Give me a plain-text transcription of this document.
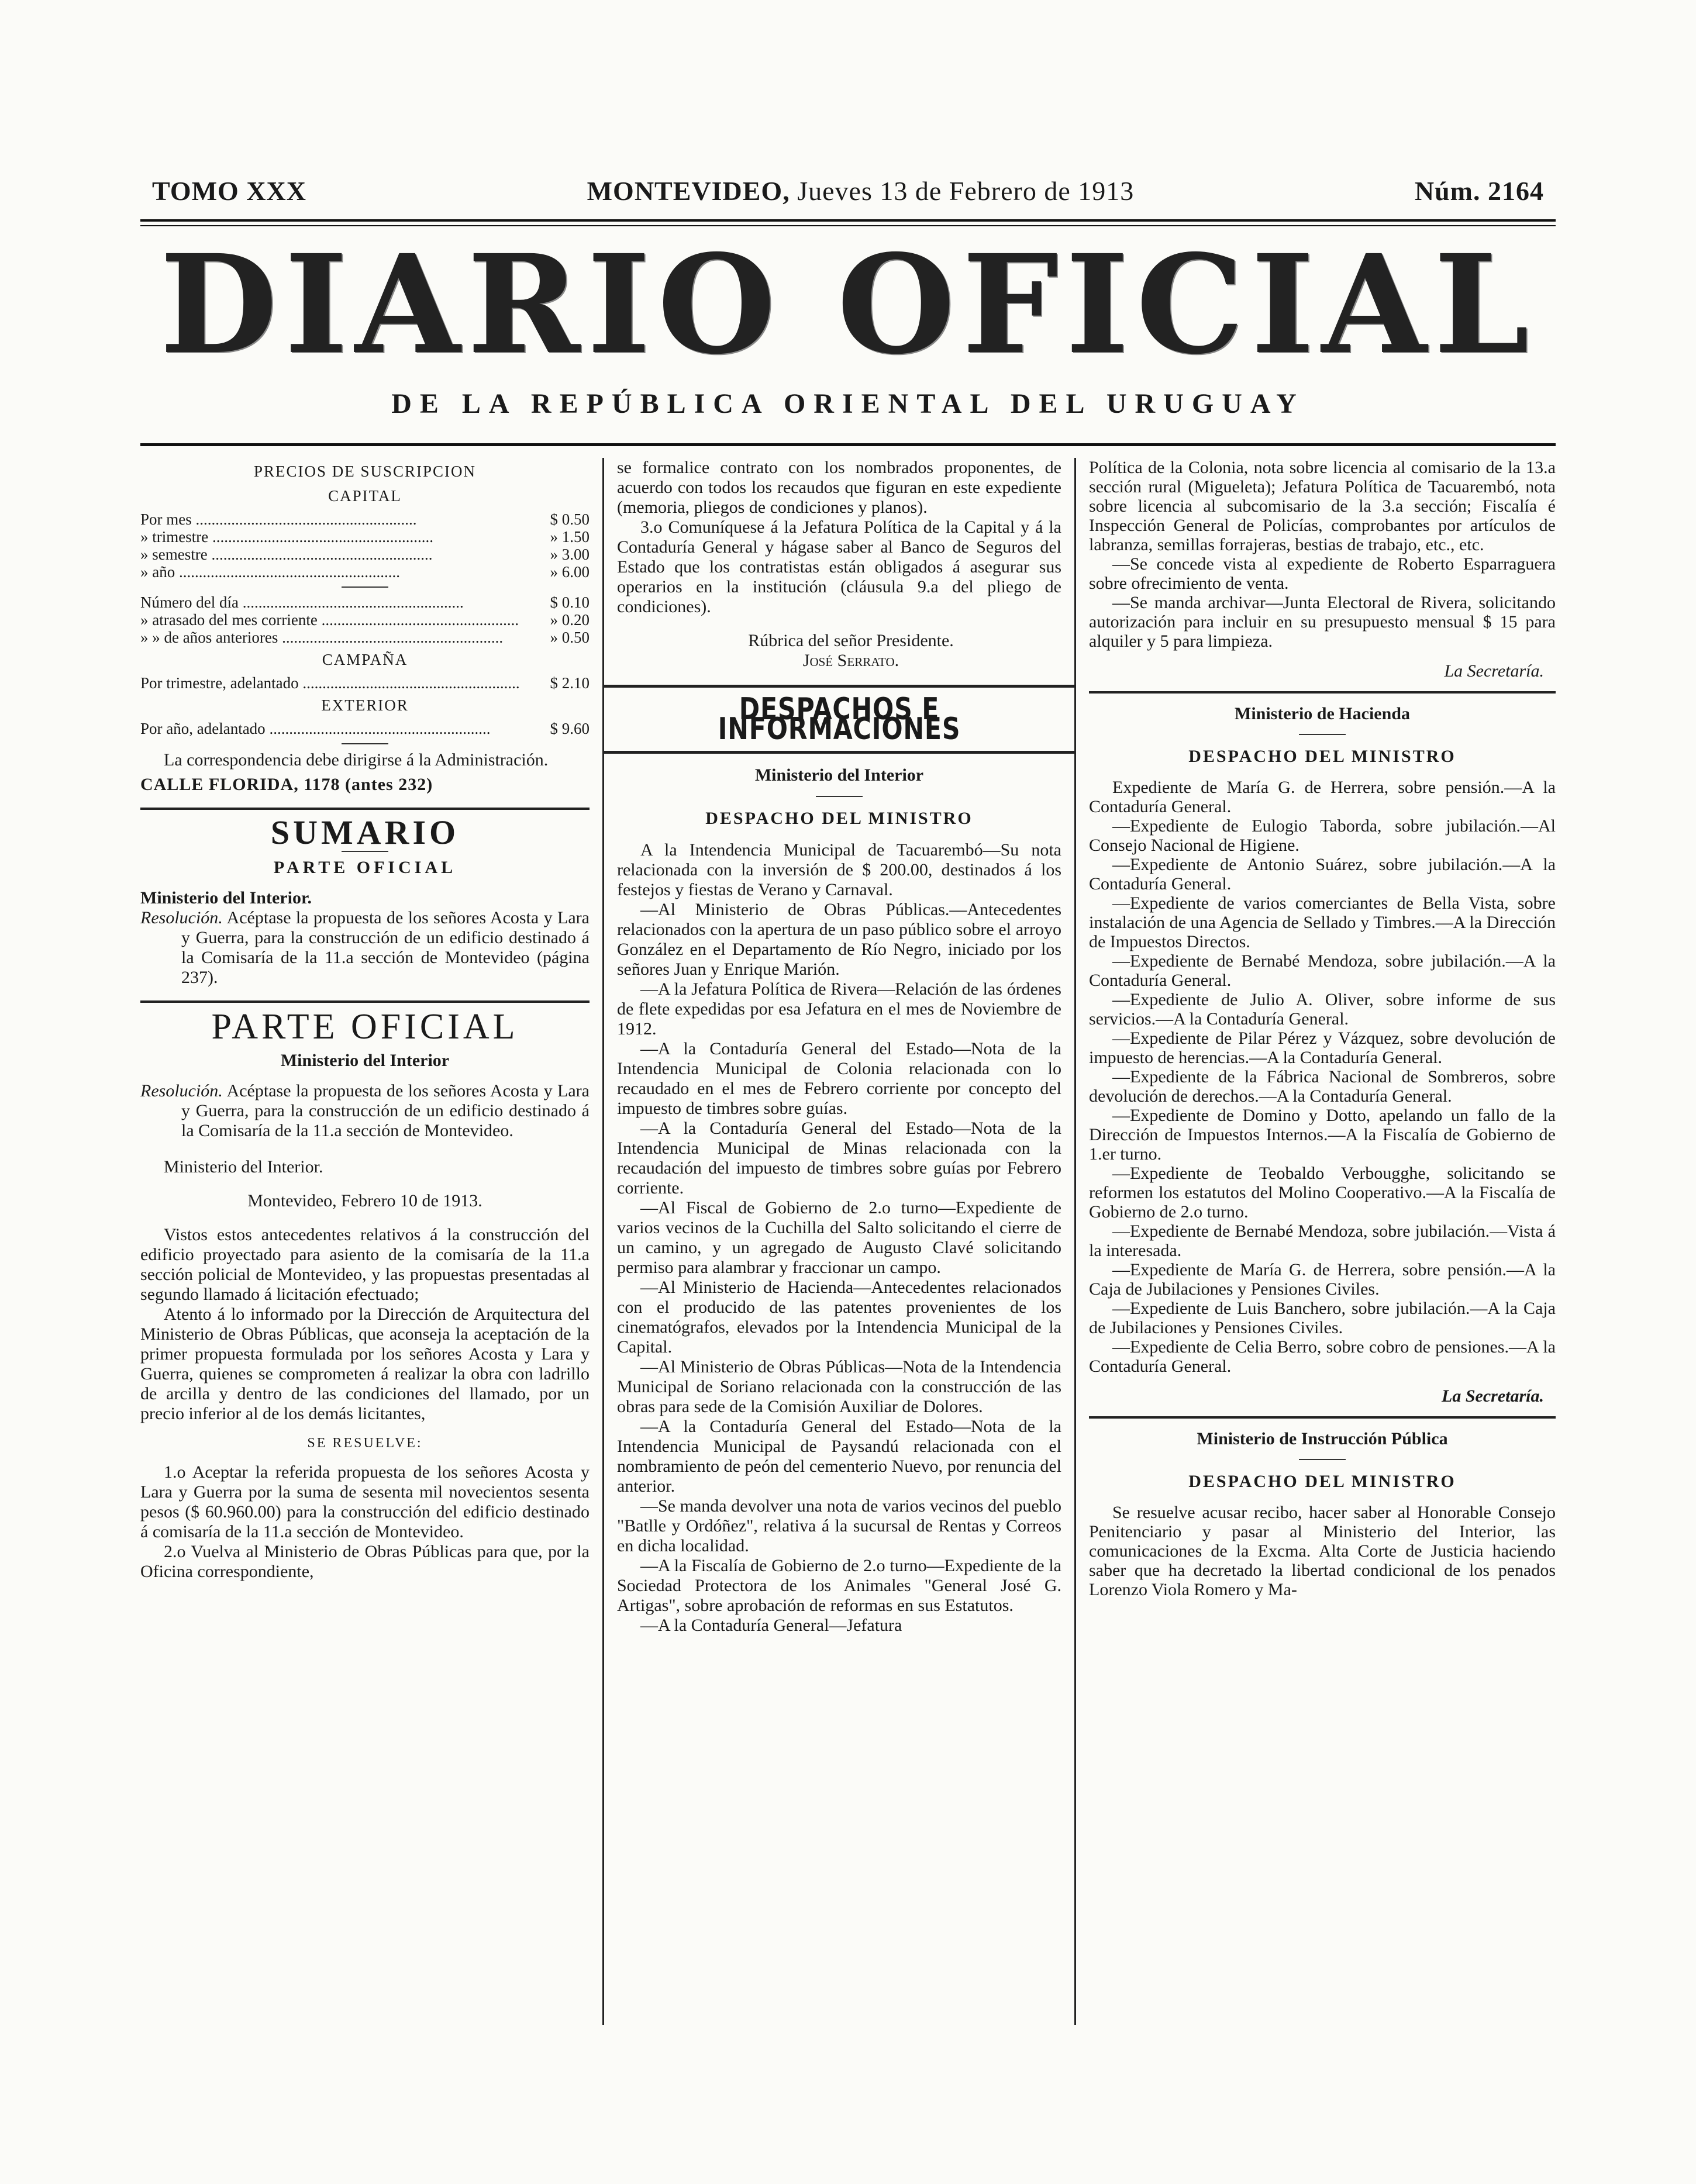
TOMO XXX	MONTEVIDEO, Jueves 13 de Febrero de 1913	Núm. 2164
DIARIO OFICIAL
DE LA REPÚBLICA ORIENTAL DEL URUGUAY
PRECIOS DE SUSCRIPCION
CAPITAL
Por mes .....	$ 0.50
» trimestre .....	» 1.50
» semestre .....	» 3.00
» año .....	» 6.00
Número del día .....	$ 0.10
» atrasado del mes corriente .....	» 0.20
» » de años anteriores .....	» 0.50
CAMPAÑA
Por trimestre, adelantado .....	$ 2.10
EXTERIOR
Por año, adelantado .....	$ 9.60

La correspondencia debe dirigirse á la Administración.

CALLE FLORIDA, 1178 (antes 232)
SUMARIO
PARTE OFICIAL
Ministerio del Interior.

Resolución. Acéptase la propuesta de los señores Acosta y Lara y Guerra, para la construcción de un edificio destinado á la Comisaría de la 11.a sección de Montevideo (página 237).

PARTE OFICIAL
Ministerio del Interior

Resolución. Acéptase la propuesta de los señores Acosta y Lara y Guerra, para la construcción de un edificio destinado á la Comisaría de la 11.a sección de Montevideo.

Ministerio del Interior.

Montevideo, Febrero 10 de 1913.

Vistos estos antecedentes relativos á la construcción del edificio proyectado para asiento de la comisaría de la 11.a sección policial de Montevideo, y las propuestas presentadas al segundo llamado á licitación efectuado;

Atento á lo informado por la Dirección de Arquitectura del Ministerio de Obras Públicas, que aconseja la aceptación de la primer propuesta formulada por los señores Acosta y Lara y Guerra, quienes se comprometen á realizar la obra con ladrillo de arcilla y dentro de las condiciones del llamado, por un precio inferior al de los demás licitantes,

SE RESUELVE:

1.o Aceptar la referida propuesta de los señores Acosta y Lara y Guerra por la suma de sesenta mil novecientos sesenta pesos ($ 60.960.00) para la construcción del edificio destinado á comisaría de la 11.a sección de Montevideo.

2.o Vuelva al Ministerio de Obras Públicas para que, por la Oficina correspondiente,

se formalice contrato con los nombrados proponentes, de acuerdo con todos los recaudos que figuran en este expediente (memoria, pliegos de condiciones y planos).

3.o Comuníquese á la Jefatura Política de la Capital y á la Contaduría General y hágase saber al Banco de Seguros del Estado que los contratistas están obligados á asegurar sus operarios en la institución (cláusula 9.a del pliego de condiciones).

Rúbrica del señor Presidente.

José Serrato.

DESPACHOS E INFORMACIONES
Ministerio del Interior
DESPACHO DEL MINISTRO

A la Intendencia Municipal de Tacuarembó—Su nota relacionada con la inversión de $ 200.00, destinados á los festejos y fiestas de Verano y Carnaval.

—Al Ministerio de Obras Públicas.—Antecedentes relacionados con la apertura de un paso público sobre el arroyo González en el Departamento de Río Negro, iniciado por los señores Juan y Enrique Marión.

—A la Jefatura Política de Rivera—Relación de las órdenes de flete expedidas por esa Jefatura en el mes de Noviembre de 1912.

—A la Contaduría General del Estado—Nota de la Intendencia Municipal de Colonia relacionada con lo recaudado en el mes de Febrero corriente por concepto del impuesto de timbres sobre guías.

—A la Contaduría General del Estado—Nota de la Intendencia Municipal de Minas relacionada con la recaudación del impuesto de timbres sobre guías por Febrero corriente.

—Al Fiscal de Gobierno de 2.o turno—Expediente de varios vecinos de la Cuchilla del Salto solicitando el cierre de un camino, y un agregado de Augusto Clavé solicitando permiso para alambrar y fraccionar un campo.

—Al Ministerio de Hacienda—Antecedentes relacionados con el producido de las patentes provenientes de los cinematógrafos, elevados por la Intendencia Municipal de la Capital.

—Al Ministerio de Obras Públicas—Nota de la Intendencia Municipal de Soriano relacionada con la construcción de las obras para sede de la Comisión Auxiliar de Dolores.

—A la Contaduría General del Estado—Nota de la Intendencia Municipal de Paysandú relacionada con el nombramiento de peón del cementerio Nuevo, por renuncia del anterior.

—Se manda devolver una nota de varios vecinos del pueblo "Batlle y Ordóñez", relativa á la sucursal de Rentas y Correos en dicha localidad.

—A la Fiscalía de Gobierno de 2.o turno—Expediente de la Sociedad Protectora de los Animales "General José G. Artigas", sobre aprobación de reformas en sus Estatutos.

—A la Contaduría General—Jefatura

Política de la Colonia, nota sobre licencia al comisario de la 13.a sección rural (Migueleta); Jefatura Política de Tacuarembó, nota sobre licencia al subcomisario de la 3.a sección; Fiscalía é Inspección General de Policías, comprobantes por artículos de labranza, semillas forrajeras, bestias de trabajo, etc., etc.

—Se concede vista al expediente de Roberto Esparraguera sobre ofrecimiento de venta.

—Se manda archivar—Junta Electoral de Rivera, solicitando autorización para incluir en su presupuesto mensual $ 15 para alquiler y 5 para limpieza.

La Secretaría.

Ministerio de Hacienda
DESPACHO DEL MINISTRO

Expediente de María G. de Herrera, sobre pensión.—A la Contaduría General.

—Expediente de Eulogio Taborda, sobre jubilación.—Al Consejo Nacional de Higiene.

—Expediente de Antonio Suárez, sobre jubilación.—A la Contaduría General.

—Expediente de varios comerciantes de Bella Vista, sobre instalación de una Agencia de Sellado y Timbres.—A la Dirección de Impuestos Directos.

—Expediente de Bernabé Mendoza, sobre jubilación.—A la Contaduría General.

—Expediente de Julio A. Oliver, sobre informe de sus servicios.—A la Contaduría General.

—Expediente de Pilar Pérez y Vázquez, sobre devolución de impuesto de herencias.—A la Contaduría General.

—Expediente de la Fábrica Nacional de Sombreros, sobre devolución de derechos.—A la Contaduría General.

—Expediente de Domino y Dotto, apelando un fallo de la Dirección de Impuestos Internos.—A la Fiscalía de Gobierno de 1.er turno.

—Expediente de Teobaldo Verbougghe, solicitando se reformen los estatutos del Molino Cooperativo.—A la Fiscalía de Gobierno de 2.o turno.

—Expediente de Bernabé Mendoza, sobre jubilación.—Vista á la interesada.

—Expediente de María G. de Herrera, sobre pensión.—A la Caja de Jubilaciones y Pensiones Civiles.

—Expediente de Luis Banchero, sobre jubilación.—A la Caja de Jubilaciones y Pensiones Civiles.

—Expediente de Celia Berro, sobre cobro de pensiones.—A la Contaduría General.

La Secretaría.

Ministerio de Instrucción Pública
DESPACHO DEL MINISTRO

Se resuelve acusar recibo, hacer saber al Honorable Consejo Penitenciario y pasar al Ministerio del Interior, las comunicaciones de la Excma. Alta Corte de Justicia haciendo saber que ha decretado la libertad condicional de los penados Lorenzo Viola Romero y Ma-
